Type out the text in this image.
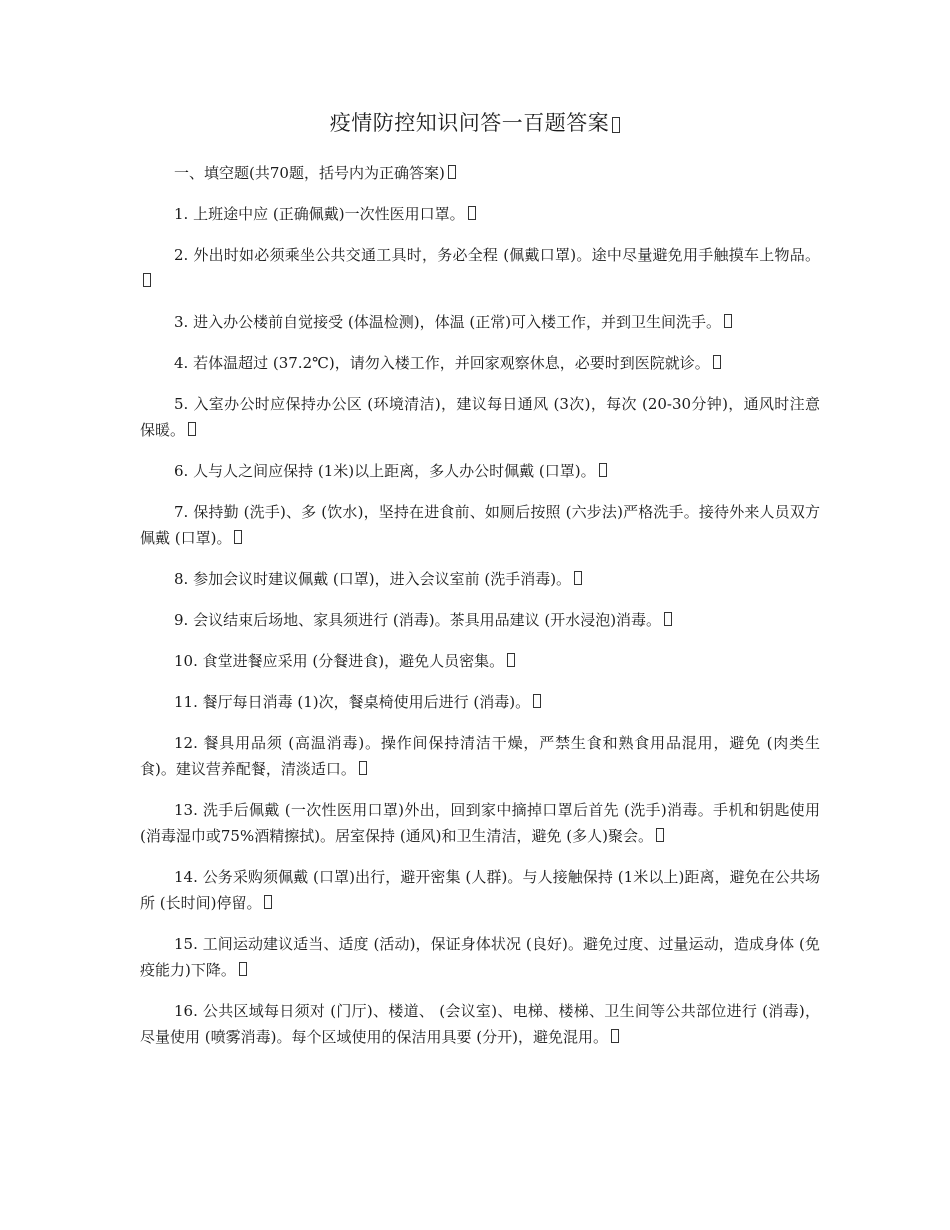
疫情防控知识问答一百题答案

一、填空题(共70题，括号内为正确答案)

1. 上班途中应 (正确佩戴)一次性医用口罩。

2. 外出时如必须乘坐公共交通工具时，务必全程 (佩戴口罩)。途中尽量避免用手触摸车上物品。

3. 进入办公楼前自觉接受 (体温检测)，体温 (正常)可入楼工作，并到卫生间洗手。

4. 若体温超过 (37.2℃)，请勿入楼工作，并回家观察休息，必要时到医院就诊。

5. 入室办公时应保持办公区 (环境清洁)，建议每日通风 (3次)，每次 (20-30分钟)，通风时注意保暖。

6. 人与人之间应保持 (1米)以上距离，多人办公时佩戴 (口罩)。

7. 保持勤 (洗手)、多 (饮水)，坚持在进食前、如厕后按照 (六步法)严格洗手。接待外来人员双方佩戴 (口罩)。

8. 参加会议时建议佩戴 (口罩)，进入会议室前 (洗手消毒)。

9. 会议结束后场地、家具须进行 (消毒)。茶具用品建议 (开水浸泡)消毒。

10. 食堂进餐应采用 (分餐进食)，避免人员密集。

11. 餐厅每日消毒 (1)次，餐桌椅使用后进行 (消毒)。

12. 餐具用品须 (高温消毒)。操作间保持清洁干燥，严禁生食和熟食用品混用，避免 (肉类生食)。建议营养配餐，清淡适口。

13. 洗手后佩戴 (一次性医用口罩)外出，回到家中摘掉口罩后首先 (洗手)消毒。手机和钥匙使用 (消毒湿巾或75%酒精擦拭)。居室保持 (通风)和卫生清洁，避免 (多人)聚会。

14. 公务采购须佩戴 (口罩)出行，避开密集 (人群)。与人接触保持 (1米以上)距离，避免在公共场所 (长时间)停留。

15. 工间运动建议适当、适度 (活动)，保证身体状况 (良好)。避免过度、过量运动，造成身体 (免疫能力)下降。

16. 公共区域每日须对 (门厅)、楼道、 (会议室)、电梯、楼梯、卫生间等公共部位进行 (消毒)，尽量使用 (喷雾消毒)。每个区域使用的保洁用具要 (分开)，避免混用。
